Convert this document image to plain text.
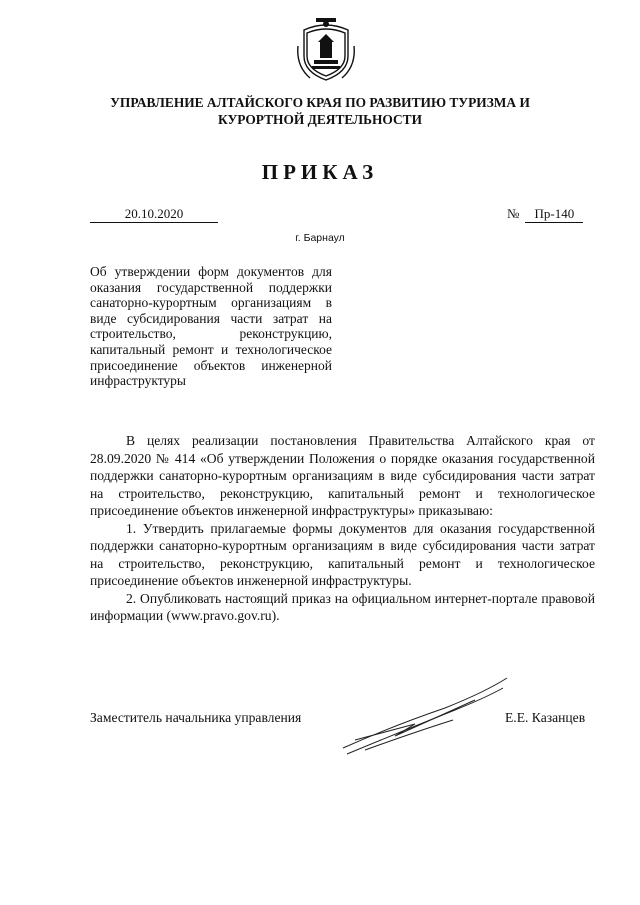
УПРАВЛЕНИЕ АЛТАЙСКОГО КРАЯ ПО РАЗВИТИЮ ТУРИЗМА И КУРОРТНОЙ ДЕЯТЕЛЬНОСТИ
ПРИКАЗ
20.10.2020	№ Пр-140
г. Барнаул
Об утверждении форм документов для оказания государственной поддержки санаторно-курортным организациям в виде субсидирования части затрат на строительство, реконструкцию, капитальный ремонт и технологическое присоединение объектов инженерной инфраструктуры

В целях реализации постановления Правительства Алтайского края от 28.09.2020 № 414 «Об утверждении Положения о порядке оказания государственной поддержки санаторно-курортным организациям в виде субсидирования части затрат на строительство, реконструкцию, капитальный ремонт и технологическое присоединение объектов инженерной инфраструктуры» приказываю:

1. Утвердить прилагаемые формы документов для оказания государственной поддержки санаторно-курортным организациям в виде субсидирования части затрат на строительство, реконструкцию, капитальный ремонт и технологическое присоединение объектов инженерной инфраструктуры.

2. Опубликовать настоящий приказ на официальном интернет-портале правовой информации (www.pravo.gov.ru).

Заместитель начальника управления	Е.Е. Казанцев
